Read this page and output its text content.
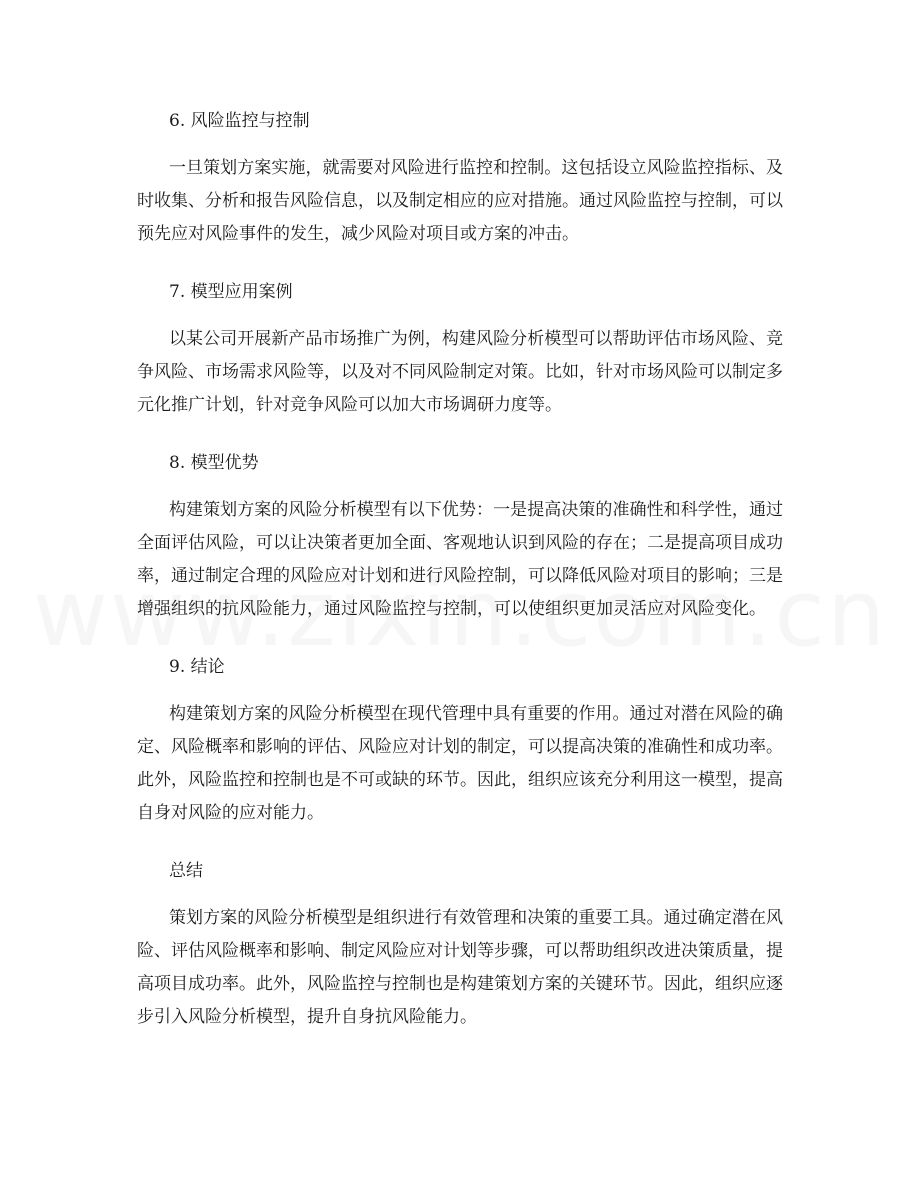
6. 风险监控与控制

一旦策划方案实施，就需要对风险进行监控和控制。这包括设立风险监控指标、及时收集、分析和报告风险信息，以及制定相应的应对措施。通过风险监控与控制，可以预先应对风险事件的发生，减少风险对项目或方案的冲击。

7. 模型应用案例

以某公司开展新产品市场推广为例，构建风险分析模型可以帮助评估市场风险、竞争风险、市场需求风险等，以及对不同风险制定对策。比如，针对市场风险可以制定多元化推广计划，针对竞争风险可以加大市场调研力度等。

8. 模型优势

构建策划方案的风险分析模型有以下优势：一是提高决策的准确性和科学性，通过全面评估风险，可以让决策者更加全面、客观地认识到风险的存在；二是提高项目成功率，通过制定合理的风险应对计划和进行风险控制，可以降低风险对项目的影响；三是增强组织的抗风险能力，通过风险监控与控制，可以使组织更加灵活应对风险变化。

9. 结论

构建策划方案的风险分析模型在现代管理中具有重要的作用。通过对潜在风险的确定、风险概率和影响的评估、风险应对计划的制定，可以提高决策的准确性和成功率。此外，风险监控和控制也是不可或缺的环节。因此，组织应该充分利用这一模型，提高自身对风险的应对能力。

总结

策划方案的风险分析模型是组织进行有效管理和决策的重要工具。通过确定潜在风险、评估风险概率和影响、制定风险应对计划等步骤，可以帮助组织改进决策质量，提高项目成功率。此外，风险监控与控制也是构建策划方案的关键环节。因此，组织应逐步引入风险分析模型，提升自身抗风险能力。
